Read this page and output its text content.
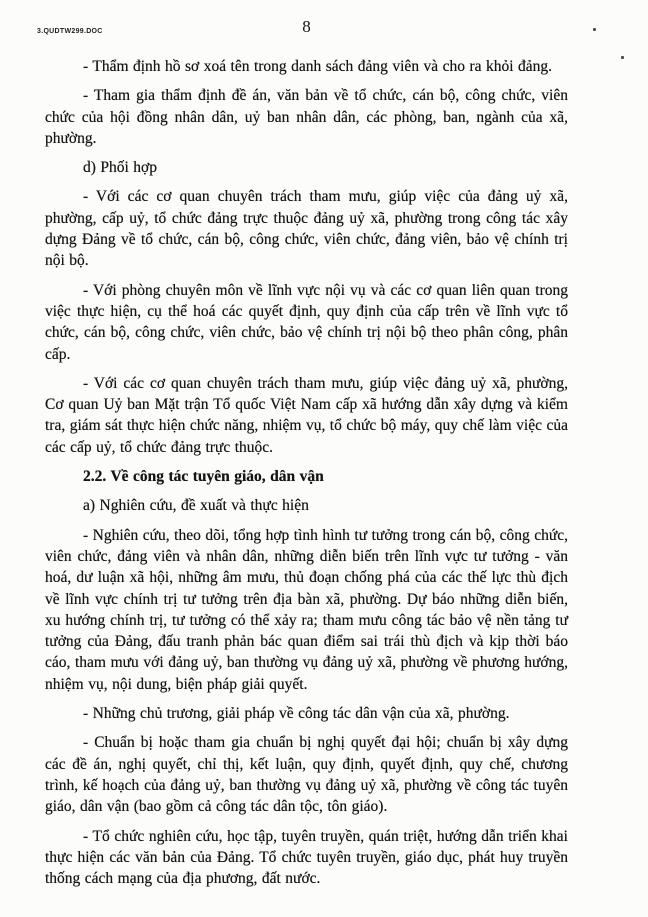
3.QUDTW299.DOC	8

- Thẩm định hồ sơ xoá tên trong danh sách đảng viên và cho ra khỏi đảng.

- Tham gia thẩm định đề án, văn bản về tổ chức, cán bộ, công chức, viên chức của hội đồng nhân dân, uỷ ban nhân dân, các phòng, ban, ngành của xã, phường.

d) Phối hợp

- Với các cơ quan chuyên trách tham mưu, giúp việc của đảng uỷ xã, phường, cấp uỷ, tổ chức đảng trực thuộc đảng uỷ xã, phường trong công tác xây dựng Đảng về tổ chức, cán bộ, công chức, viên chức, đảng viên, bảo vệ chính trị nội bộ.

- Với phòng chuyên môn về lĩnh vực nội vụ và các cơ quan liên quan trong việc thực hiện, cụ thể hoá các quyết định, quy định của cấp trên về lĩnh vực tổ chức, cán bộ, công chức, viên chức, bảo vệ chính trị nội bộ theo phân công, phân cấp.

- Với các cơ quan chuyên trách tham mưu, giúp việc đảng uỷ xã, phường, Cơ quan Uỷ ban Mặt trận Tổ quốc Việt Nam cấp xã hướng dẫn xây dựng và kiểm tra, giám sát thực hiện chức năng, nhiệm vụ, tổ chức bộ máy, quy chế làm việc của các cấp uỷ, tổ chức đảng trực thuộc.

2.2. Về công tác tuyên giáo, dân vận

a) Nghiên cứu, đề xuất và thực hiện

- Nghiên cứu, theo dõi, tổng hợp tình hình tư tưởng trong cán bộ, công chức, viên chức, đảng viên và nhân dân, những diễn biến trên lĩnh vực tư tưởng - văn hoá, dư luận xã hội, những âm mưu, thủ đoạn chống phá của các thế lực thù địch về lĩnh vực chính trị tư tưởng trên địa bàn xã, phường. Dự báo những diễn biến, xu hướng chính trị, tư tưởng có thể xảy ra; tham mưu công tác bảo vệ nền tảng tư tưởng của Đảng, đấu tranh phản bác quan điểm sai trái thù địch và kịp thời báo cáo, tham mưu với đảng uỷ, ban thường vụ đảng uỷ xã, phường về phương hướng, nhiệm vụ, nội dung, biện pháp giải quyết.

- Những chủ trương, giải pháp về công tác dân vận của xã, phường.

- Chuẩn bị hoặc tham gia chuẩn bị nghị quyết đại hội; chuẩn bị xây dựng các đề án, nghị quyết, chỉ thị, kết luận, quy định, quyết định, quy chế, chương trình, kế hoạch của đảng uỷ, ban thường vụ đảng uỷ xã, phường về công tác tuyên giáo, dân vận (bao gồm cả công tác dân tộc, tôn giáo).

- Tổ chức nghiên cứu, học tập, tuyên truyền, quán triệt, hướng dẫn triển khai thực hiện các văn bản của Đảng. Tổ chức tuyên truyền, giáo dục, phát huy truyền thống cách mạng của địa phương, đất nước.
